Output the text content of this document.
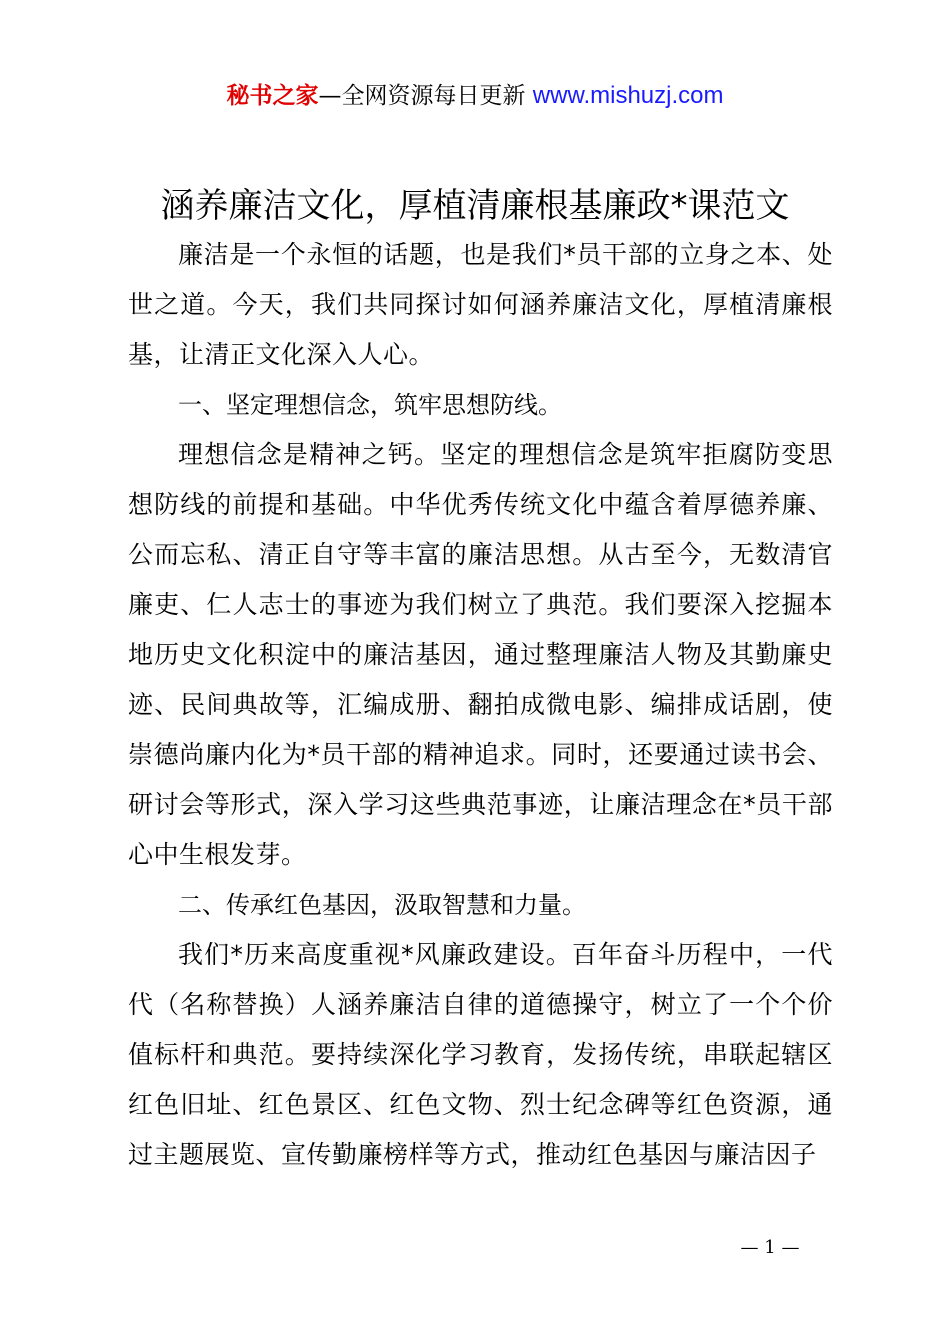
秘书之家—全网资源每日更新 www.mishuzj.com
涵养廉洁文化，厚植清廉根基廉政*课范文

廉洁是一个永恒的话题，也是我们*员干部的立身之本、处世之道。今天，我们共同探讨如何涵养廉洁文化，厚植清廉根基，让清正文化深入人心。

一、坚定理想信念，筑牢思想防线。

理想信念是精神之钙。坚定的理想信念是筑牢拒腐防变思想防线的前提和基础。中华优秀传统文化中蕴含着厚德养廉、公而忘私、清正自守等丰富的廉洁思想。从古至今，无数清官廉吏、仁人志士的事迹为我们树立了典范。我们要深入挖掘本地历史文化积淀中的廉洁基因，通过整理廉洁人物及其勤廉史迹、民间典故等，汇编成册、翻拍成微电影、编排成话剧，使崇德尚廉内化为*员干部的精神追求。同时，还要通过读书会、研讨会等形式，深入学习这些典范事迹，让廉洁理念在*员干部心中生根发芽。

二、传承红色基因，汲取智慧和力量。

我们*历来高度重视*风廉政建设。百年奋斗历程中，一代代（名称替换）人涵养廉洁自律的道德操守，树立了一个个价值标杆和典范。要持续深化学习教育，发扬传统，串联起辖区红色旧址、红色景区、红色文物、烈士纪念碑等红色资源，通过主题展览、宣传勤廉榜样等方式，推动红色基因与廉洁因子

— 1 —
